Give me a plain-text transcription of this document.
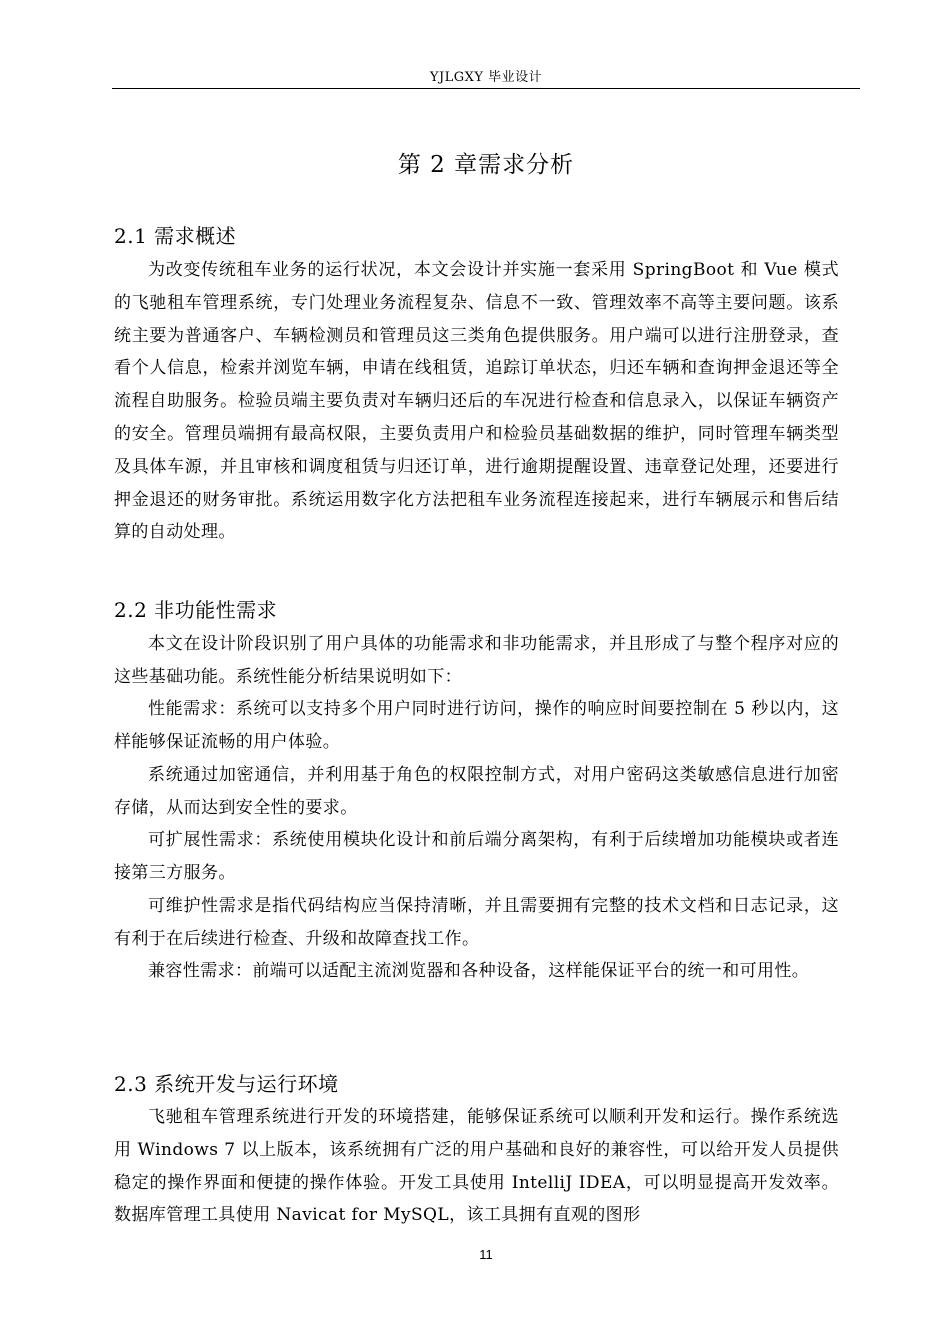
YJLGXY 毕业设计
第 2 章需求分析
2.1 需求概述

为改变传统租车业务的运行状况，本文会设计并实施一套采用 SpringBoot 和 Vue 模式的飞驰租车管理系统，专门处理业务流程复杂、信息不一致、管理效率不高等主要问题。该系统主要为普通客户、车辆检测员和管理员这三类角色提供服务。用户端可以进行注册登录，查看个人信息，检索并浏览车辆，申请在线租赁，追踪订单状态，归还车辆和查询押金退还等全流程自助服务。检验员端主要负责对车辆归还后的车况进行检查和信息录入，以保证车辆资产的安全。管理员端拥有最高权限，主要负责用户和检验员基础数据的维护，同时管理车辆类型及具体车源，并且审核和调度租赁与归还订单，进行逾期提醒设置、违章登记处理，还要进行押金退还的财务审批。系统运用数字化方法把租车业务流程连接起来，进行车辆展示和售后结算的自动处理。

2.2 非功能性需求

本文在设计阶段识别了用户具体的功能需求和非功能需求，并且形成了与整个程序对应的这些基础功能。系统性能分析结果说明如下：

性能需求：系统可以支持多个用户同时进行访问，操作的响应时间要控制在 5 秒以内，这样能够保证流畅的用户体验。

系统通过加密通信，并利用基于角色的权限控制方式，对用户密码这类敏感信息进行加密存储，从而达到安全性的要求。

可扩展性需求：系统使用模块化设计和前后端分离架构，有利于后续增加功能模块或者连接第三方服务。

可维护性需求是指代码结构应当保持清晰，并且需要拥有完整的技术文档和日志记录，这有利于在后续进行检查、升级和故障查找工作。

兼容性需求：前端可以适配主流浏览器和各种设备，这样能保证平台的统一和可用性。

2.3 系统开发与运行环境

飞驰租车管理系统进行开发的环境搭建，能够保证系统可以顺利开发和运行。操作系统选用 Windows 7 以上版本，该系统拥有广泛的用户基础和良好的兼容性，可以给开发人员提供稳定的操作界面和便捷的操作体验。开发工具使用 IntelliJ IDEA，可以明显提高开发效率。数据库管理工具使用 Navicat for MySQL，该工具拥有直观的图形

11
